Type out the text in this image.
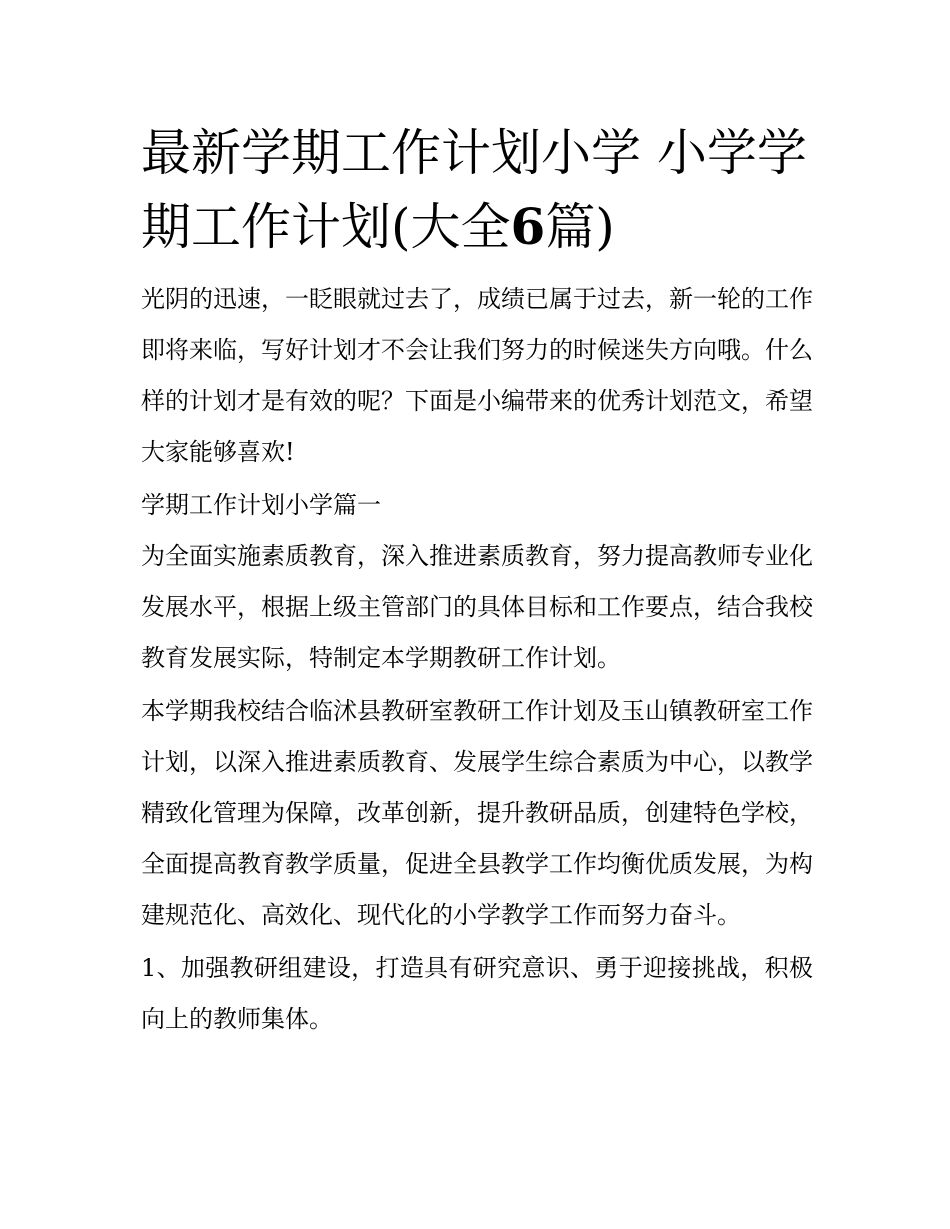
最新学期工作计划小学 小学学期工作计划(大全6篇)

光阴的迅速，一眨眼就过去了，成绩已属于过去，新一轮的工作即将来临，写好计划才不会让我们努力的时候迷失方向哦。什么样的计划才是有效的呢？下面是小编带来的优秀计划范文，希望大家能够喜欢!

学期工作计划小学篇一

为全面实施素质教育，深入推进素质教育，努力提高教师专业化发展水平，根据上级主管部门的具体目标和工作要点，结合我校教育发展实际，特制定本学期教研工作计划。

本学期我校结合临沭县教研室教研工作计划及玉山镇教研室工作计划，以深入推进素质教育、发展学生综合素质为中心，以教学精致化管理为保障，改革创新，提升教研品质，创建特色学校，全面提高教育教学质量，促进全县教学工作均衡优质发展，为构建规范化、高效化、现代化的小学教学工作而努力奋斗。

1、加强教研组建设，打造具有研究意识、勇于迎接挑战，积极向上的教师集体。
